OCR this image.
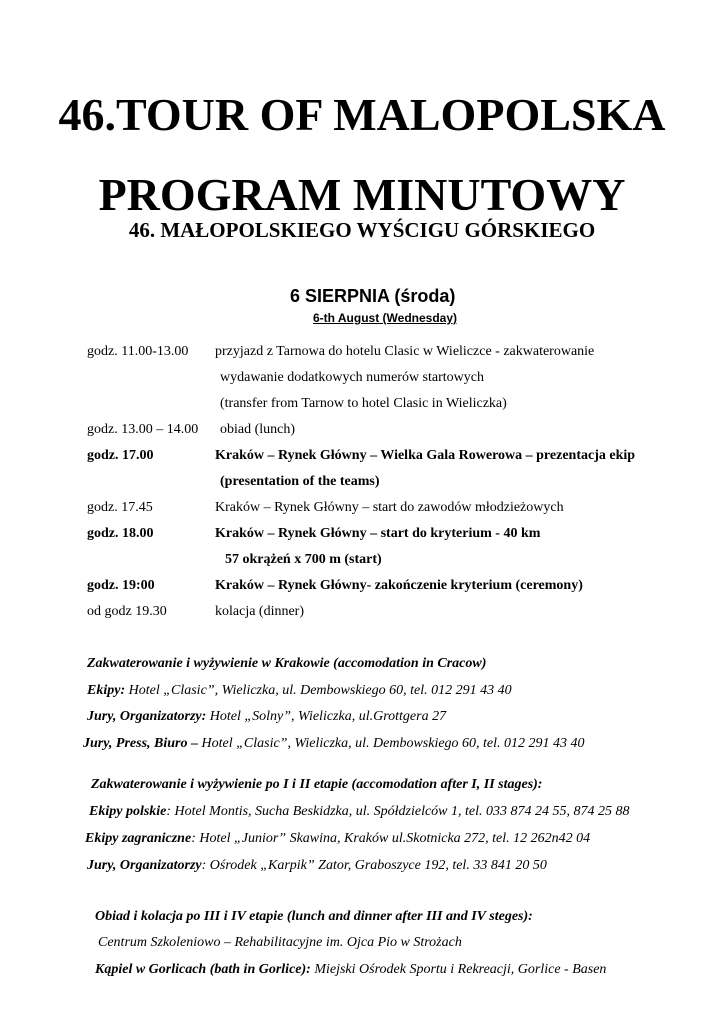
46.TOUR OF MALOPOLSKA
PROGRAM MINUTOWY
46. MAŁOPOLSKIEGO WYŚCIGU GÓRSKIEGO
6 SIERPNIA (środa)
6-th August (Wednesday)
godz. 11.00-13.00 przyjazd z Tarnowa do hotelu Clasic w Wieliczce - zakwaterowanie
wydawanie dodatkowych numerów startowych
(transfer from Tarnow to hotel Clasic in Wieliczka)
godz. 13.00 – 14.00 obiad (lunch)
godz. 17.00	Kraków – Rynek Główny – Wielka Gala Rowerowa – prezentacja ekip
(presentation of the teams)
godz. 17.45	Kraków – Rynek Główny – start do zawodów młodzieżowych
godz. 18.00	Kraków – Rynek Główny – start do kryterium - 40 km
57 okrążeń x 700 m (start)
godz. 19:00	Kraków – Rynek Główny- zakończenie kryterium (ceremony)
od godz 19.30	kolacja (dinner)
Zakwaterowanie i wyżywienie w Krakowie (accomodation in Cracow)
Ekipy: Hotel „Clasic”, Wieliczka, ul. Dembowskiego 60, tel. 012 291 43 40
Jury, Organizatorzy: Hotel „Solny”, Wieliczka, ul.Grottgera 27
Jury, Press, Biuro – Hotel „Clasic”, Wieliczka, ul. Dembowskiego 60, tel. 012 291 43 40
Zakwaterowanie i wyżywienie po I i II etapie (accomodation after I, II stages):
Ekipy polskie: Hotel Montis, Sucha Beskidzka, ul. Spółdzielców 1, tel. 033 874 24 55, 874 25 88
Ekipy zagraniczne: Hotel „Junior” Skawina, Kraków ul.Skotnicka 272, tel. 12 262n42 04
Jury, Organizatorzy: Ośrodek „Karpik” Zator, Graboszyce 192, tel. 33 841 20 50
Obiad i kolacja po III i IV etapie (lunch and dinner after III and IV steges):
Centrum Szkoleniowo – Rehabilitacyjne im. Ojca Pio w Strożach
Kąpiel w Gorlicach (bath in Gorlice): Miejski Ośrodek Sportu i Rekreacji, Gorlice - Basen
